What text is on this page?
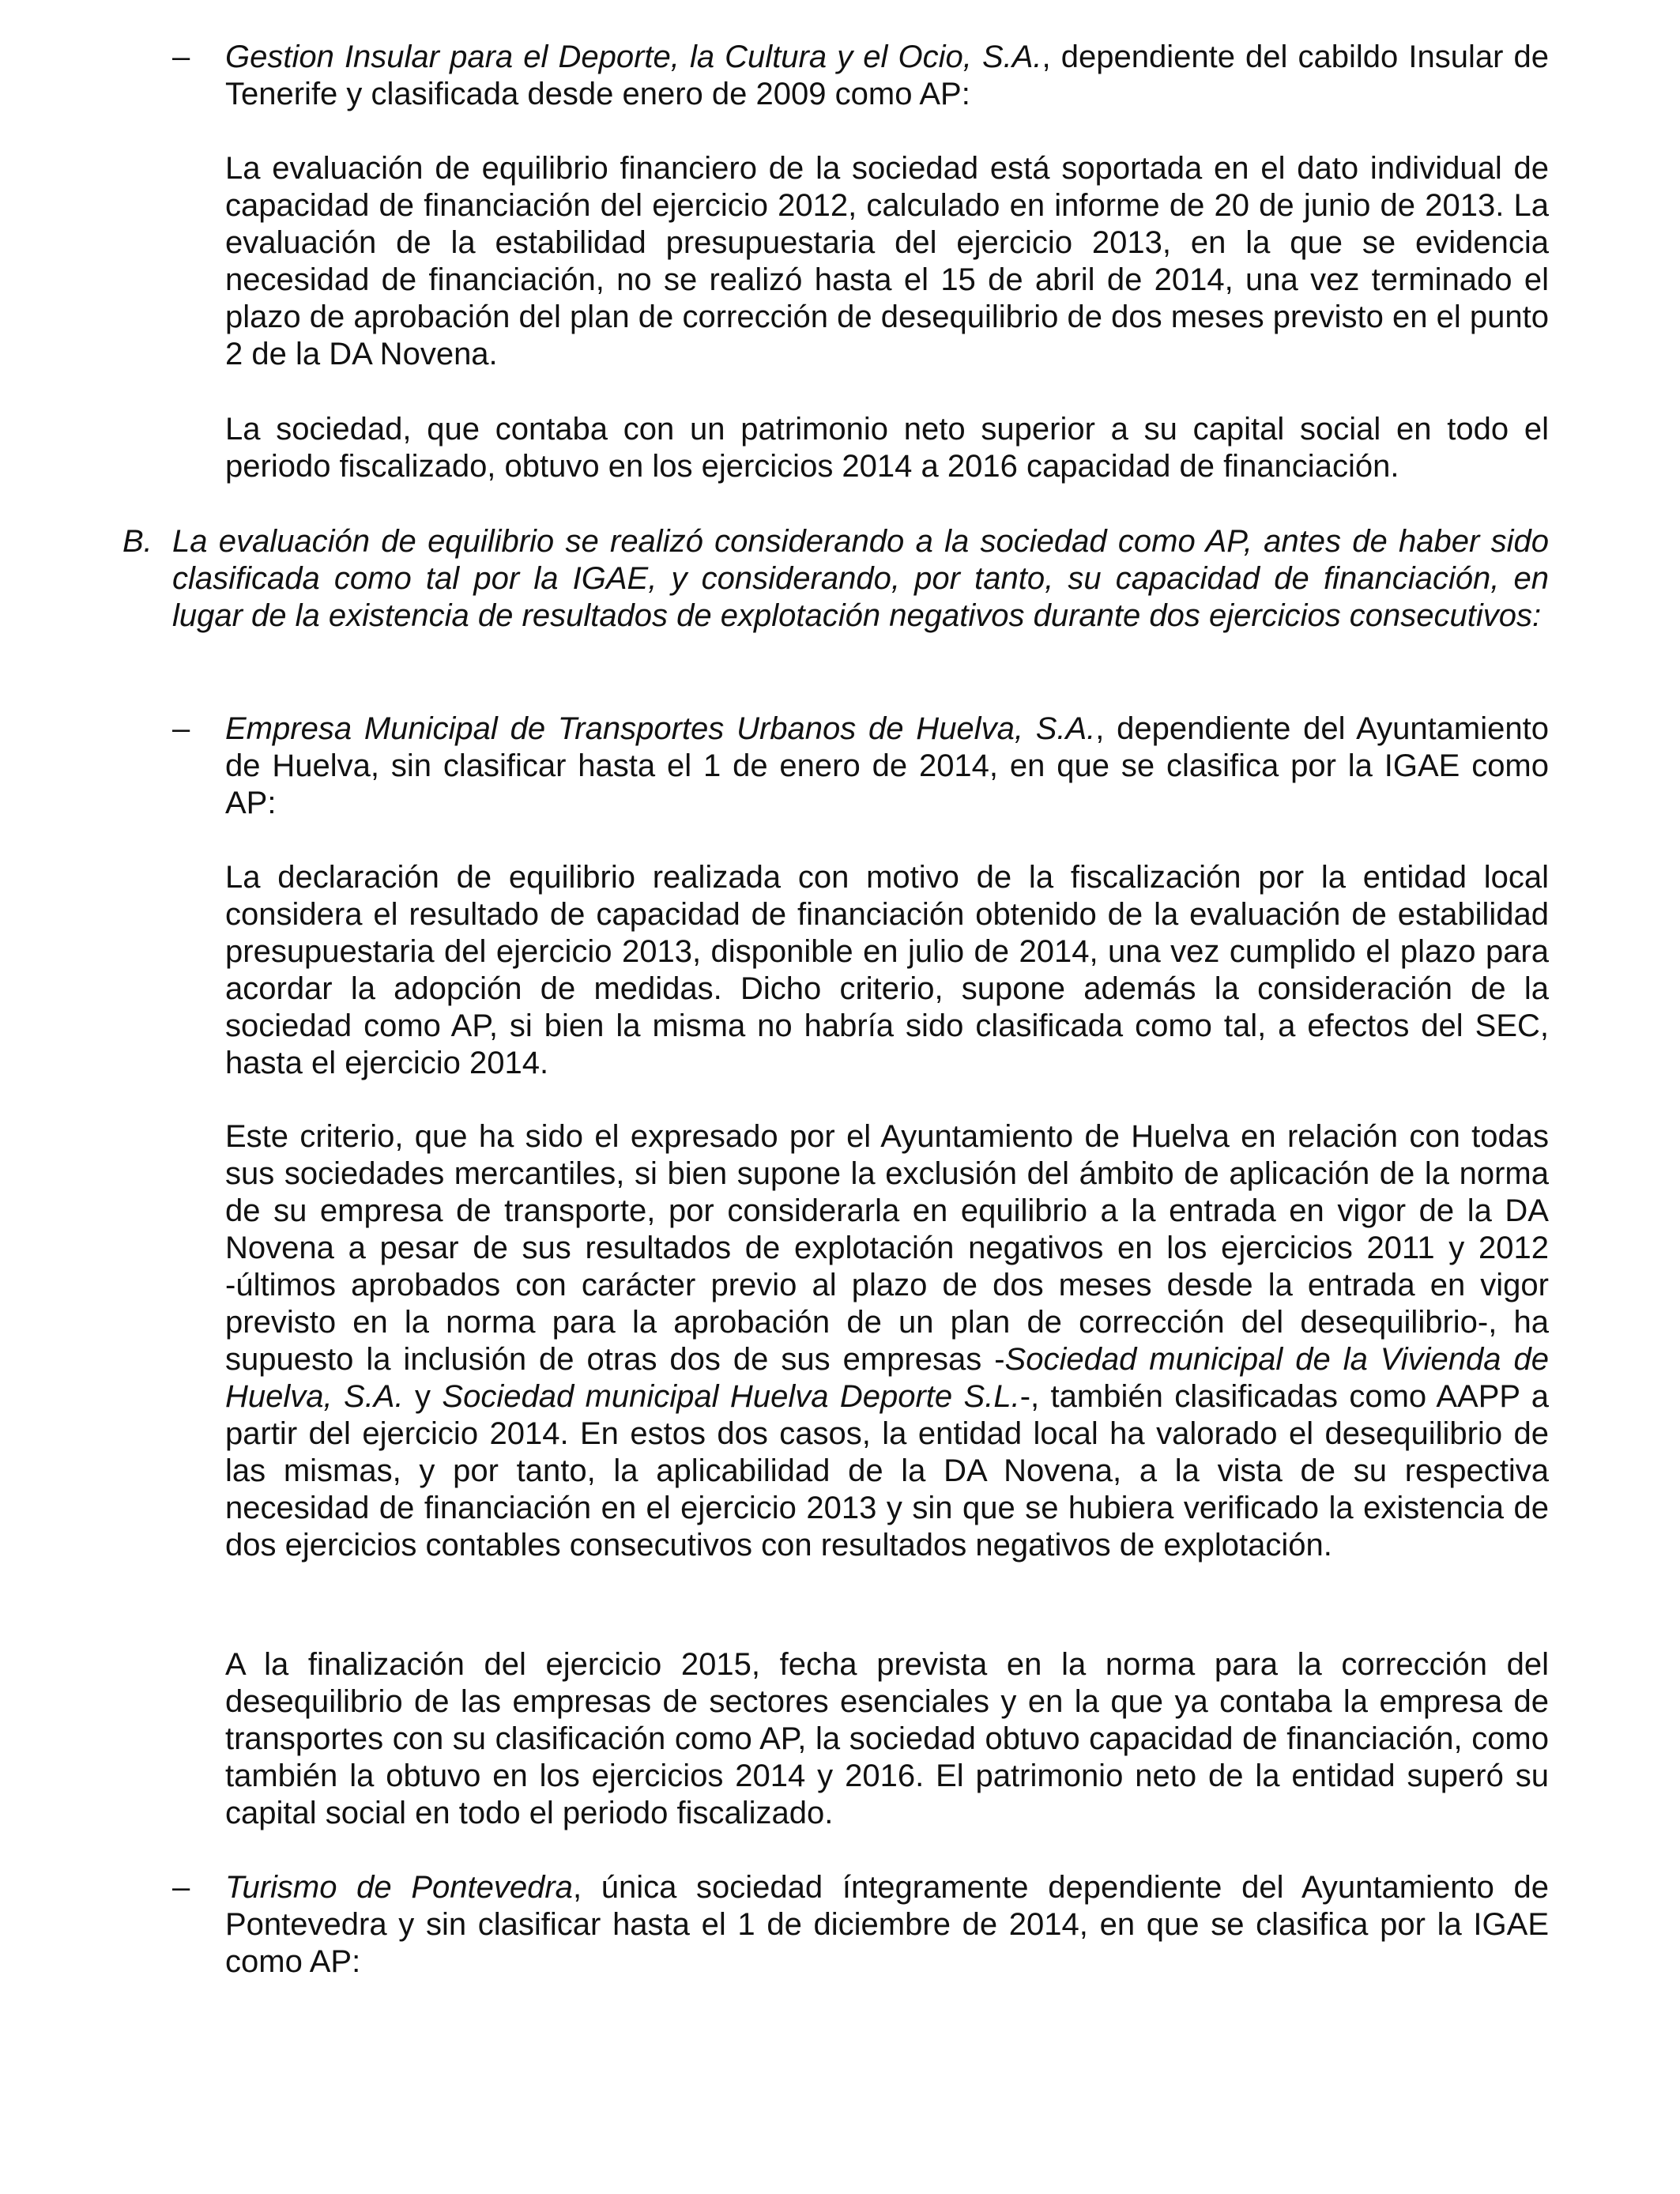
– Gestion Insular para el Deporte, la Cultura y el Ocio, S.A., dependiente del cabildo Insular de Tenerife y clasificada desde enero de 2009 como AP:
La evaluación de equilibrio financiero de la sociedad está soportada en el dato individual de capacidad de financiación del ejercicio 2012, calculado en informe de 20 de junio de 2013. La evaluación de la estabilidad presupuestaria del ejercicio 2013, en la que se evidencia necesidad de financiación, no se realizó hasta el 15 de abril de 2014, una vez terminado el plazo de aprobación del plan de corrección de desequilibrio de dos meses previsto en el punto 2 de la DA Novena.
La sociedad, que contaba con un patrimonio neto superior a su capital social en todo el periodo fiscalizado, obtuvo en los ejercicios 2014 a 2016 capacidad de financiación.
B. La evaluación de equilibrio se realizó considerando a la sociedad como AP, antes de haber sido clasificada como tal por la IGAE, y considerando, por tanto, su capacidad de financiación, en lugar de la existencia de resultados de explotación negativos durante dos ejercicios consecutivos:
– Empresa Municipal de Transportes Urbanos de Huelva, S.A., dependiente del Ayuntamiento de Huelva, sin clasificar hasta el 1 de enero de 2014, en que se clasifica por la IGAE como AP:
La declaración de equilibrio realizada con motivo de la fiscalización por la entidad local considera el resultado de capacidad de financiación obtenido de la evaluación de estabilidad presupuestaria del ejercicio 2013, disponible en julio de 2014, una vez cumplido el plazo para acordar la adopción de medidas. Dicho criterio, supone además la consideración de la sociedad como AP, si bien la misma no habría sido clasificada como tal, a efectos del SEC, hasta el ejercicio 2014.
Este criterio, que ha sido el expresado por el Ayuntamiento de Huelva en relación con todas sus sociedades mercantiles, si bien supone la exclusión del ámbito de aplicación de la norma de su empresa de transporte, por considerarla en equilibrio a la entrada en vigor de la DA Novena a pesar de sus resultados de explotación negativos en los ejercicios 2011 y 2012 -últimos aprobados con carácter previo al plazo de dos meses desde la entrada en vigor previsto en la norma para la aprobación de un plan de corrección del desequilibrio-, ha supuesto la inclusión de otras dos de sus empresas -Sociedad municipal de la Vivienda de Huelva, S.A. y Sociedad municipal Huelva Deporte S.L.-, también clasificadas como AAPP a partir del ejercicio 2014. En estos dos casos, la entidad local ha valorado el desequilibrio de las mismas, y por tanto, la aplicabilidad de la DA Novena, a la vista de su respectiva necesidad de financiación en el ejercicio 2013 y sin que se hubiera verificado la existencia de dos ejercicios contables consecutivos con resultados negativos de explotación.
A la finalización del ejercicio 2015, fecha prevista en la norma para la corrección del desequilibrio de las empresas de sectores esenciales y en la que ya contaba la empresa de transportes con su clasificación como AP, la sociedad obtuvo capacidad de financiación, como también la obtuvo en los ejercicios 2014 y 2016. El patrimonio neto de la entidad superó su capital social en todo el periodo fiscalizado.
– Turismo de Pontevedra, única sociedad íntegramente dependiente del Ayuntamiento de Pontevedra y sin clasificar hasta el 1 de diciembre de 2014, en que se clasifica por la IGAE como AP:
